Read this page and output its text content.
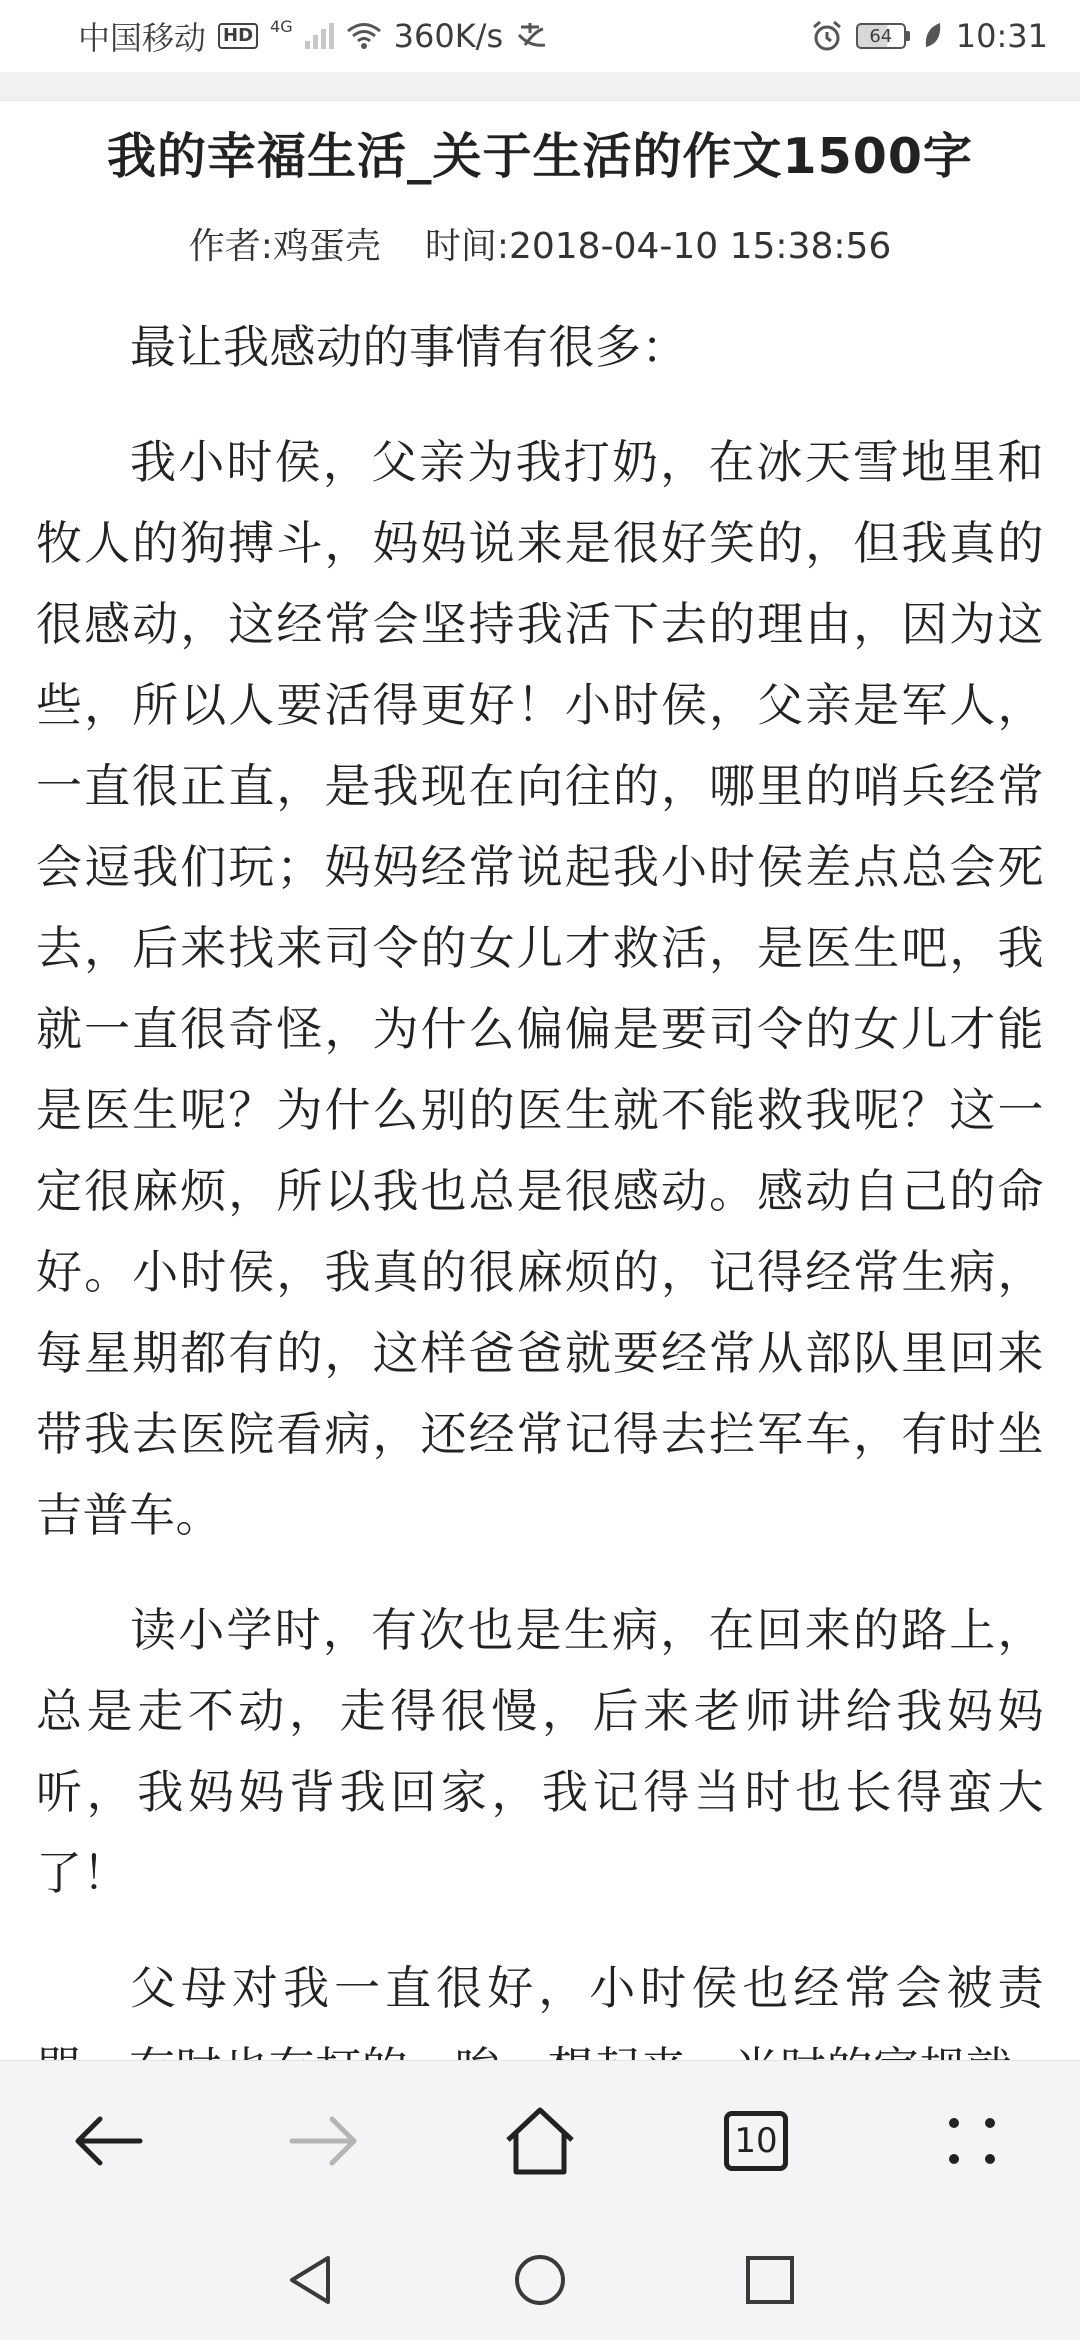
中国移动 HD	4G	360K/s	64	10:31
我的幸福生活_关于生活的作文1500字
作者:鸡蛋壳 时间:2018-04-10 15:38:56

最让我感动的事情有很多：

我小时侯，父亲为我打奶，在冰天雪地里和牧人的狗搏斗，妈妈说来是很好笑的，但我真的很感动，这经常会坚持我活下去的理由，因为这些，所以人要活得更好！小时侯，父亲是军人，一直很正直，是我现在向往的，哪里的哨兵经常会逗我们玩；妈妈经常说起我小时侯差点总会死去，后来找来司令的女儿才救活，是医生吧，我就一直很奇怪，为什么偏偏是要司令的女儿才能是医生呢？为什么别的医生就不能救我呢？这一定很麻烦，所以我也总是很感动。感动自己的命好。小时侯，我真的很麻烦的，记得经常生病，每星期都有的，这样爸爸就要经常从部队里回来带我去医院看病，还经常记得去拦军车，有时坐吉普车。

读小学时，有次也是生病，在回来的路上，总是走不动，走得很慢，后来老师讲给我妈妈听，我妈妈背我回家，我记得当时也长得蛮大了！

父母对我一直很好，小时侯也经常会被责

10
